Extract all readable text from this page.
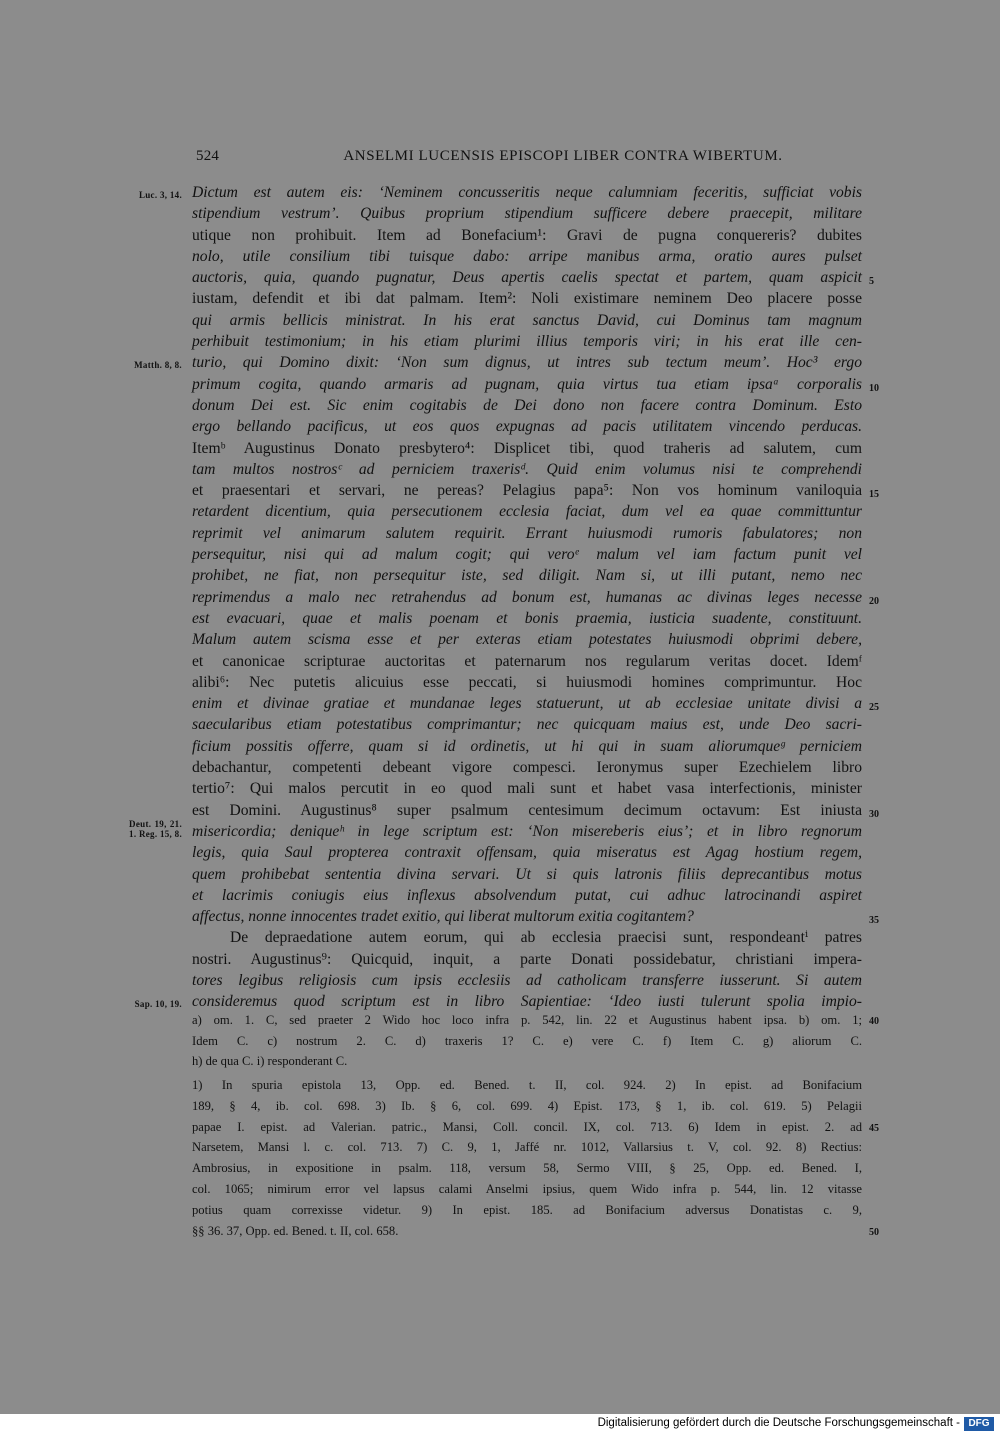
524	ANSELMI LUCENSIS EPISCOPI LIBER CONTRA WIBERTUM.
Dictum est autem eis: ‘Neminem concusseritis neque calumniam feceritis, sufficiat vobis
Luc. 3, 14.
stipendium vestrum’. Quibus proprium stipendium sufficere debere praecepit, militare
utique non prohibuit. Item ad Bonefacium¹: Gravi de pugna conquereris? dubites
nolo, utile consilium tibi tuisque dabo: arripe manibus arma, oratio aures pulset
auctoris, quia, quando pugnatur, Deus apertis caelis spectat et partem, quam aspicit 5
iustam, defendit et ibi dat palmam. Item²: Noli existimare neminem Deo placere posse
qui armis bellicis ministrat. In his erat sanctus David, cui Dominus tam magnum
perhibuit testimonium; in his etiam plurimi illius temporis viri; in his erat ille cen-
turio, qui Domino dixit: ‘Non sum dignus, ut intres sub tectum meum’. Hoc³ ergo
Matth. 8, 8.
primum cogita, quando armaris ad pugnam, quia virtus tua etiam ipsaᵃ corporalis 10
donum Dei est. Sic enim cogitabis de Dei dono non facere contra Dominum. Esto
ergo bellando pacificus, ut eos quos expugnas ad pacis utilitatem vincendo perducas.
Itemᵇ Augustinus Donato presbytero⁴: Displicet tibi, quod traheris ad salutem, cum
tam multos nostrosᶜ ad perniciem traxerisᵈ. Quid enim volumus nisi te comprehendi
et praesentari et servari, ne pereas? Pelagius papa⁵: Non vos hominum vaniloquia 15
retardent dicentium, quia persecutionem ecclesia faciat, dum vel ea quae committuntur
reprimit vel animarum salutem requirit. Errant huiusmodi rumoris fabulatores; non
persequitur, nisi qui ad malum cogit; qui veroᵉ malum vel iam factum punit vel
prohibet, ne fiat, non persequitur iste, sed diligit. Nam si, ut illi putant, nemo nec
reprimendus a malo nec retrahendus ad bonum est, humanas ac divinas leges necesse 20
est evacuari, quae et malis poenam et bonis praemia, iusticia suadente, constituunt.
Malum autem scisma esse et per exteras etiam potestates huiusmodi obprimi debere,
et canonicae scripturae auctoritas et paternarum nos regularum veritas docet. Idemᶠ
alibi⁶: Nec putetis alicuius esse peccati, si huiusmodi homines comprimuntur. Hoc
enim et divinae gratiae et mundanae leges statuerunt, ut ab ecclesiae unitate divisi a 25
saecularibus etiam potestatibus comprimantur; nec quicquam maius est, unde Deo sacri-
ficium possitis offerre, quam si id ordinetis, ut hi qui in suam aliorumqueᵍ perniciem
debachantur, competenti debeant vigore compesci. Ieronymus super Ezechielem libro
tertio⁷: Qui malos percutit in eo quod mali sunt et habet vasa interfectionis, minister
est Domini. Augustinus⁸ super psalmum centesimum decimum octavum: Est iniusta 30
misericordia; deniqueʰ in lege scriptum est: ‘Non misereberis eius’; et in libro regnorum
Deut. 19, 21.
1. Reg. 15, 8.
legis, quia Saul propterea contraxit offensam, quia miseratus est Agag hostium regem,
quem prohibebat sententia divina servari. Ut si quis latronis filiis deprecantibus motus
et lacrimis coniugis eius inflexus absolvendum putat, cui adhuc latrocinandi aspiret
affectus, nonne innocentes tradet exitio, qui liberat multorum exitia cogitantem?	35
De depraedatione autem eorum, qui ab ecclesia praecisi sunt, respondeantⁱ patres
nostri. Augustinus⁹: Quicquid, inquit, a parte Donati possidebatur, christiani impera-
tores legibus religiosis cum ipsis ecclesiis ad catholicam transferre iusserunt. Si autem
consideremus quod scriptum est in libro Sapientiae: ‘Ideo iusti tulerunt spolia impio-
Sap. 10, 19.
a) om. 1. C, sed praeter 2 Wido hoc loco infra p. 542, lin. 22 et Augustinus habent ipsa. b) om. 1; 40
Idem C. c) nostrum 2. C. d) traxeris 1? C. e) vere C. f) Item C. g) aliorum C.
h) de qua C. i) responderant C.
1) In spuria epistola 13, Opp. ed. Bened. t. II, col. 924. 2) In epist. ad Bonifacium
189, § 4, ib. col. 698. 3) Ib. § 6, col. 699. 4) Epist. 173, § 1, ib. col. 619. 5) Pelagii
papae I. epist. ad Valerian. patric., Mansi, Coll. concil. IX, col. 713. 6) Idem in epist. 2. ad 45
Narsetem, Mansi l. c. col. 713. 7) C. 9, 1, Jaffé nr. 1012, Vallarsius t. V, col. 92. 8) Rectius:
Ambrosius, in expositione in psalm. 118, versum 58, Sermo VIII, § 25, Opp. ed. Bened. I,
col. 1065; nimirum error vel lapsus calami Anselmi ipsius, quem Wido infra p. 544, lin. 12 vitasse
potius quam correxisse videtur. 9) In epist. 185. ad Bonifacium adversus Donatistas c. 9,
§§ 36. 37, Opp. ed. Bened. t. II, col. 658.	50
Digitalisierung gefördert durch die Deutsche Forschungsgemeinschaft - DFG
